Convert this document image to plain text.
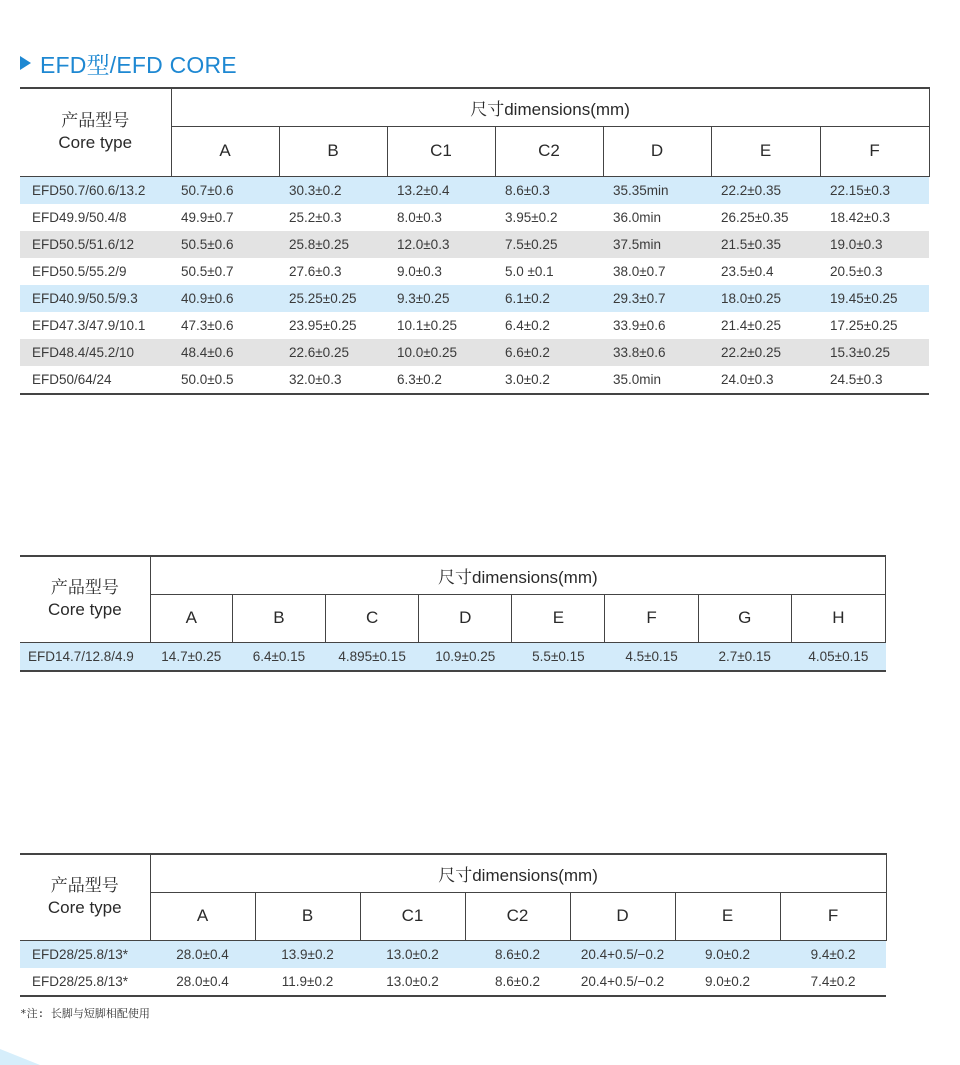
EFD型/EFD CORE
产品型号
Core type	尺寸dimensions(mm)						
	A	B	C1	C2	D	E	F
EFD50.7/60.6/13.2	50.7±0.6	30.3±0.2	13.2±0.4	8.6±0.3	35.35min	22.2±0.35	22.15±0.3
EFD49.9/50.4/8	49.9±0.7	25.2±0.3	8.0±0.3	3.95±0.2	36.0min	26.25±0.35	18.42±0.3
EFD50.5/51.6/12	50.5±0.6	25.8±0.25	12.0±0.3	7.5±0.25	37.5min	21.5±0.35	19.0±0.3
EFD50.5/55.2/9	50.5±0.7	27.6±0.3	9.0±0.3	5.0 ±0.1	38.0±0.7	23.5±0.4	20.5±0.3
EFD40.9/50.5/9.3	40.9±0.6	25.25±0.25	9.3±0.25	6.1±0.2	29.3±0.7	18.0±0.25	19.45±0.25
EFD47.3/47.9/10.1	47.3±0.6	23.95±0.25	10.1±0.25	6.4±0.2	33.9±0.6	21.4±0.25	17.25±0.25
EFD48.4/45.2/10	48.4±0.6	22.6±0.25	10.0±0.25	6.6±0.2	33.8±0.6	22.2±0.25	15.3±0.25
EFD50/64/24	50.0±0.5	32.0±0.3	6.3±0.2	3.0±0.2	35.0min	24.0±0.3	24.5±0.3
产品型号
Core type	尺寸dimensions(mm)							
	A	B	C	D	E	F	G	H
EFD14.7/12.8/4.9	14.7±0.25	6.4±0.15	4.895±0.15	10.9±0.25	5.5±0.15	4.5±0.15	2.7±0.15	4.05±0.15
产品型号
Core type	尺寸dimensions(mm)						
	A	B	C1	C2	D	E	F
EFD28/25.8/13*	28.0±0.4	13.9±0.2	13.0±0.2	8.6±0.2	20.4+0.5/−0.2	9.0±0.2	9.4±0.2
EFD28/25.8/13*	28.0±0.4	11.9±0.2	13.0±0.2	8.6±0.2	20.4+0.5/−0.2	9.0±0.2	7.4±0.2
*注: 长脚与短脚相配使用
